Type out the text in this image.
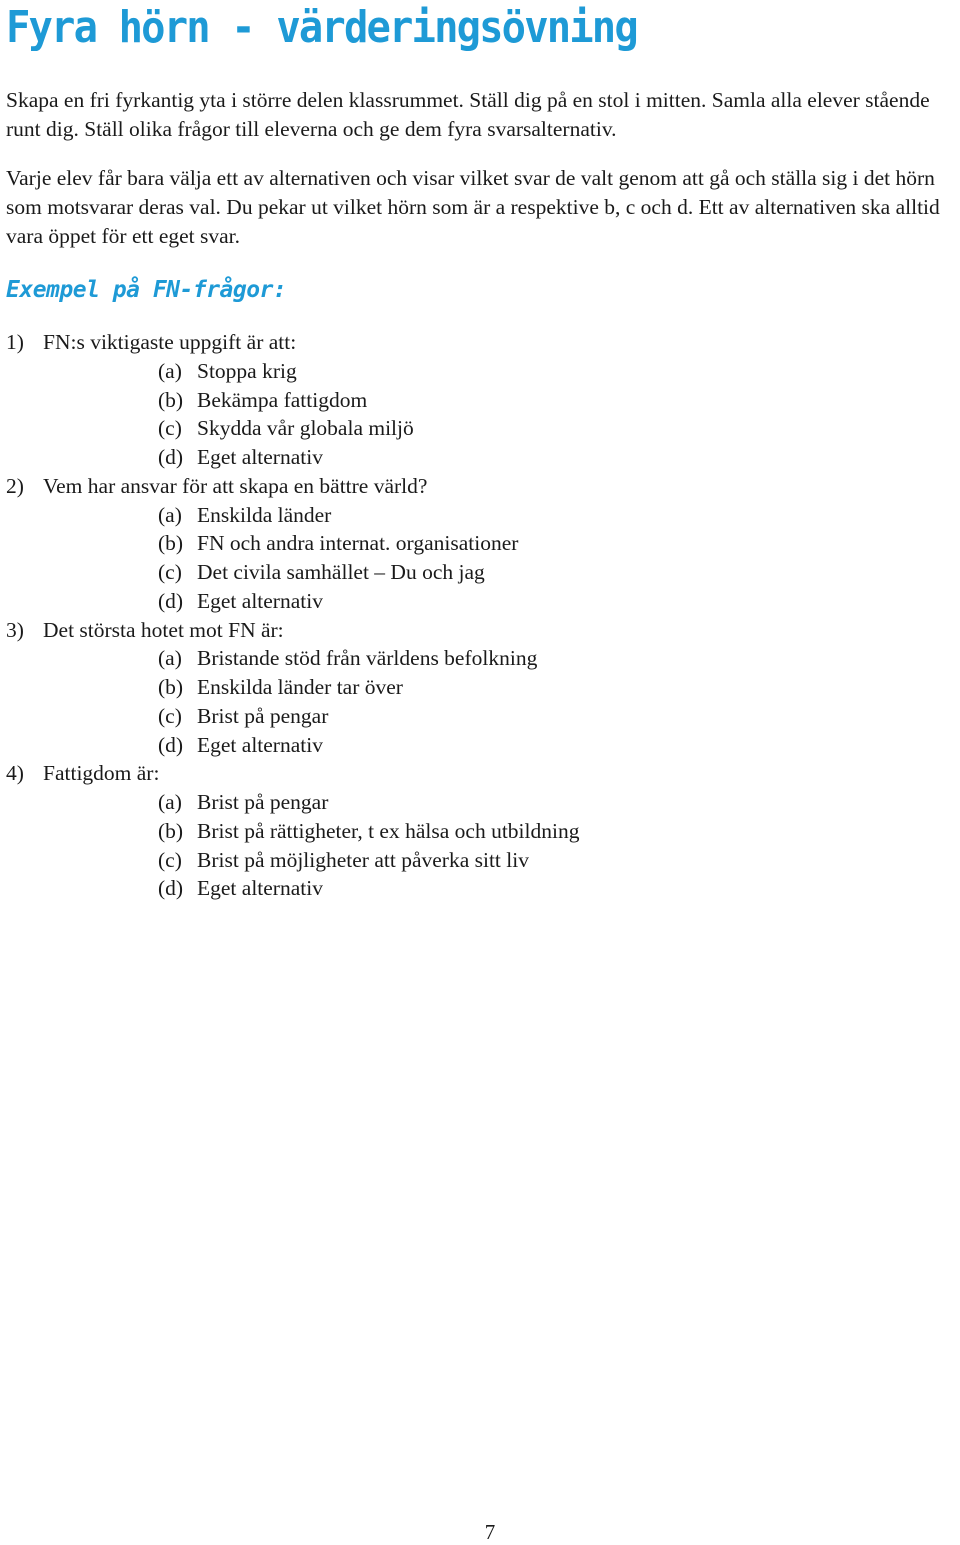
Fyra hörn - värderingsövning

Skapa en fri fyrkantig yta i större delen klassrummet. Ställ dig på en stol i mitten. Samla alla elever stående runt dig. Ställ olika frågor till eleverna och ge dem fyra svarsalternativ.

Varje elev får bara välja ett av alternativen och visar vilket svar de valt genom att gå och ställa sig i det hörn som motsvarar deras val. Du pekar ut vilket hörn som är a respektive b, c och d. Ett av alternativen ska alltid vara öppet för ett eget svar.

Exempel på FN-frågor:
1) FN:s viktigaste uppgift är att:
(a) Stoppa krig
(b) Bekämpa fattigdom
(c) Skydda vår globala miljö
(d) Eget alternativ
2) Vem har ansvar för att skapa en bättre värld?
(a) Enskilda länder
(b) FN och andra internat. organisationer
(c) Det civila samhället – Du och jag
(d) Eget alternativ
3) Det största hotet mot FN är:
(a) Bristande stöd från världens befolkning
(b) Enskilda länder tar över
(c) Brist på pengar
(d) Eget alternativ
4) Fattigdom är:
(a) Brist på pengar
(b) Brist på rättigheter, t ex hälsa och utbildning
(c) Brist på möjligheter att påverka sitt liv
(d) Eget alternativ
7
